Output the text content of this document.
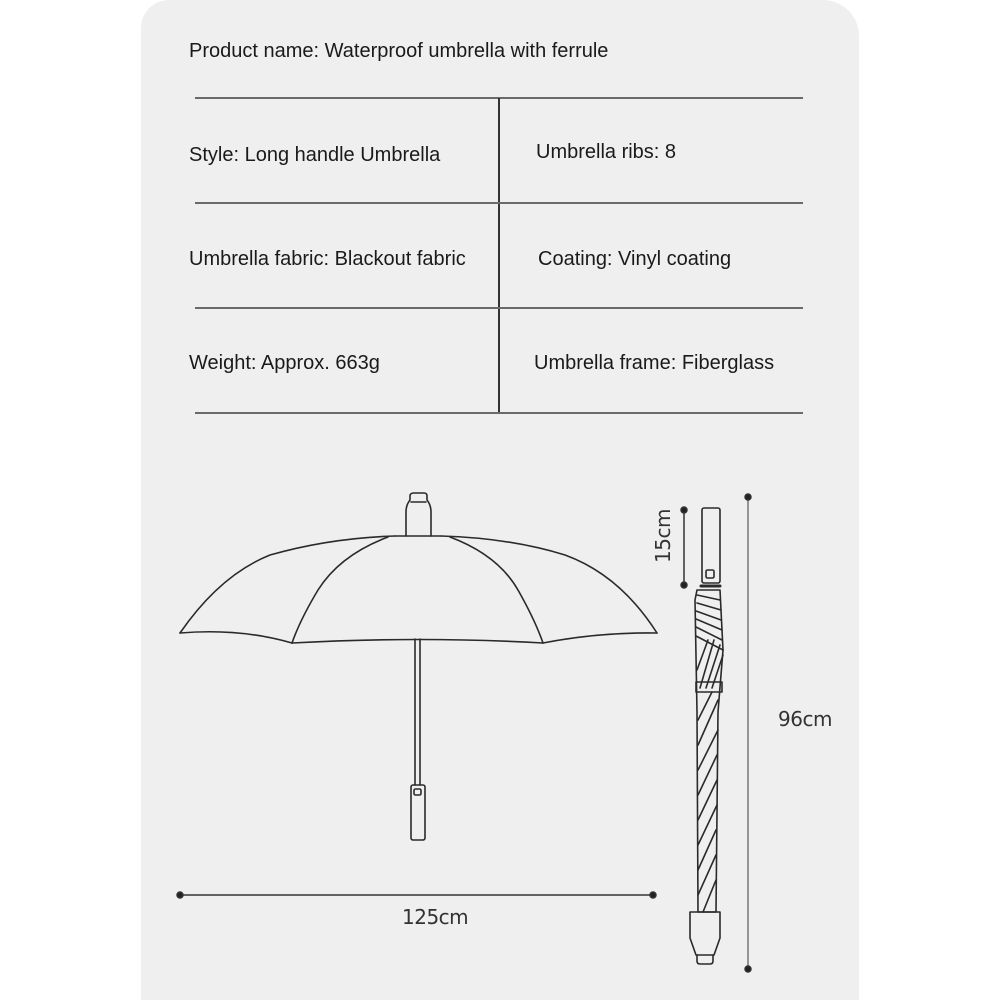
Product name: Waterproof umbrella with ferrule
Style: Long handle Umbrella	Umbrella ribs: 8
Umbrella fabric: Blackout fabric	Coating: Vinyl coating
Weight: Approx. 663g	Umbrella frame: Fiberglass
125cm
96cm
15cm
